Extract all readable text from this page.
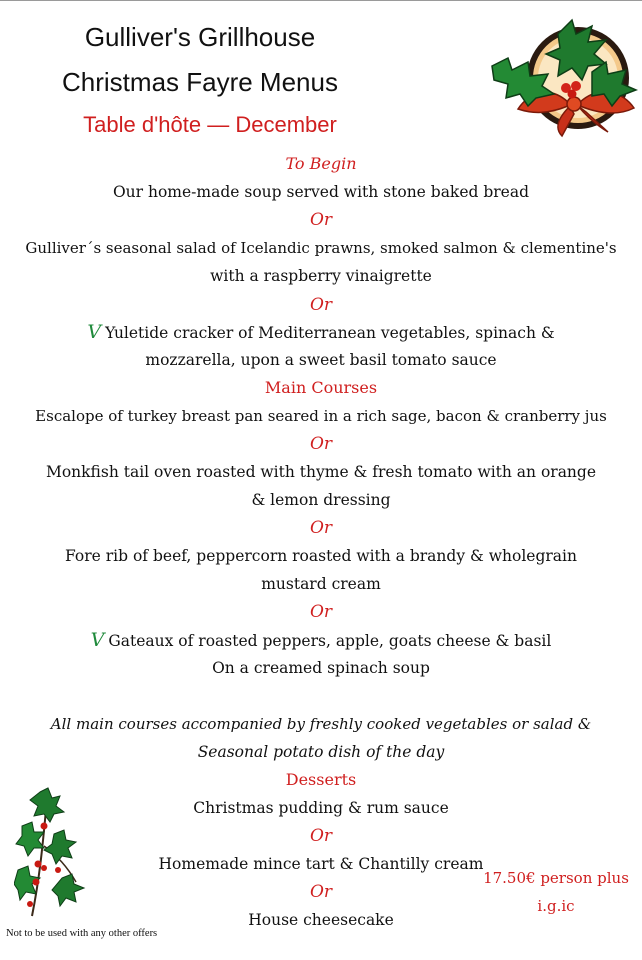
Gulliver's Grillhouse
Christmas Fayre Menus
Table d'hôte — December
To Begin
Our home-made soup served with stone baked bread
Or
Gulliver´s seasonal salad of Icelandic prawns, smoked salmon & clementine's
with a raspberry vinaigrette
Or
V Yuletide cracker of Mediterranean vegetables, spinach &
mozzarella, upon a sweet basil tomato sauce
Main Courses
Escalope of turkey breast pan seared in a rich sage, bacon & cranberry jus
Or
Monkfish tail oven roasted with thyme & fresh tomato with an orange
& lemon dressing
Or
Fore rib of beef, peppercorn roasted with a brandy & wholegrain
mustard cream
Or
V Gateaux of roasted peppers, apple, goats cheese & basil
On a creamed spinach soup
All main courses accompanied by freshly cooked vegetables or salad &
Seasonal potato dish of the day
Desserts
Christmas pudding & rum sauce
Or
Homemade mince tart & Chantilly cream
Or
House cheesecake
17.50€ person plus
i.g.ic
Not to be used with any other offers
